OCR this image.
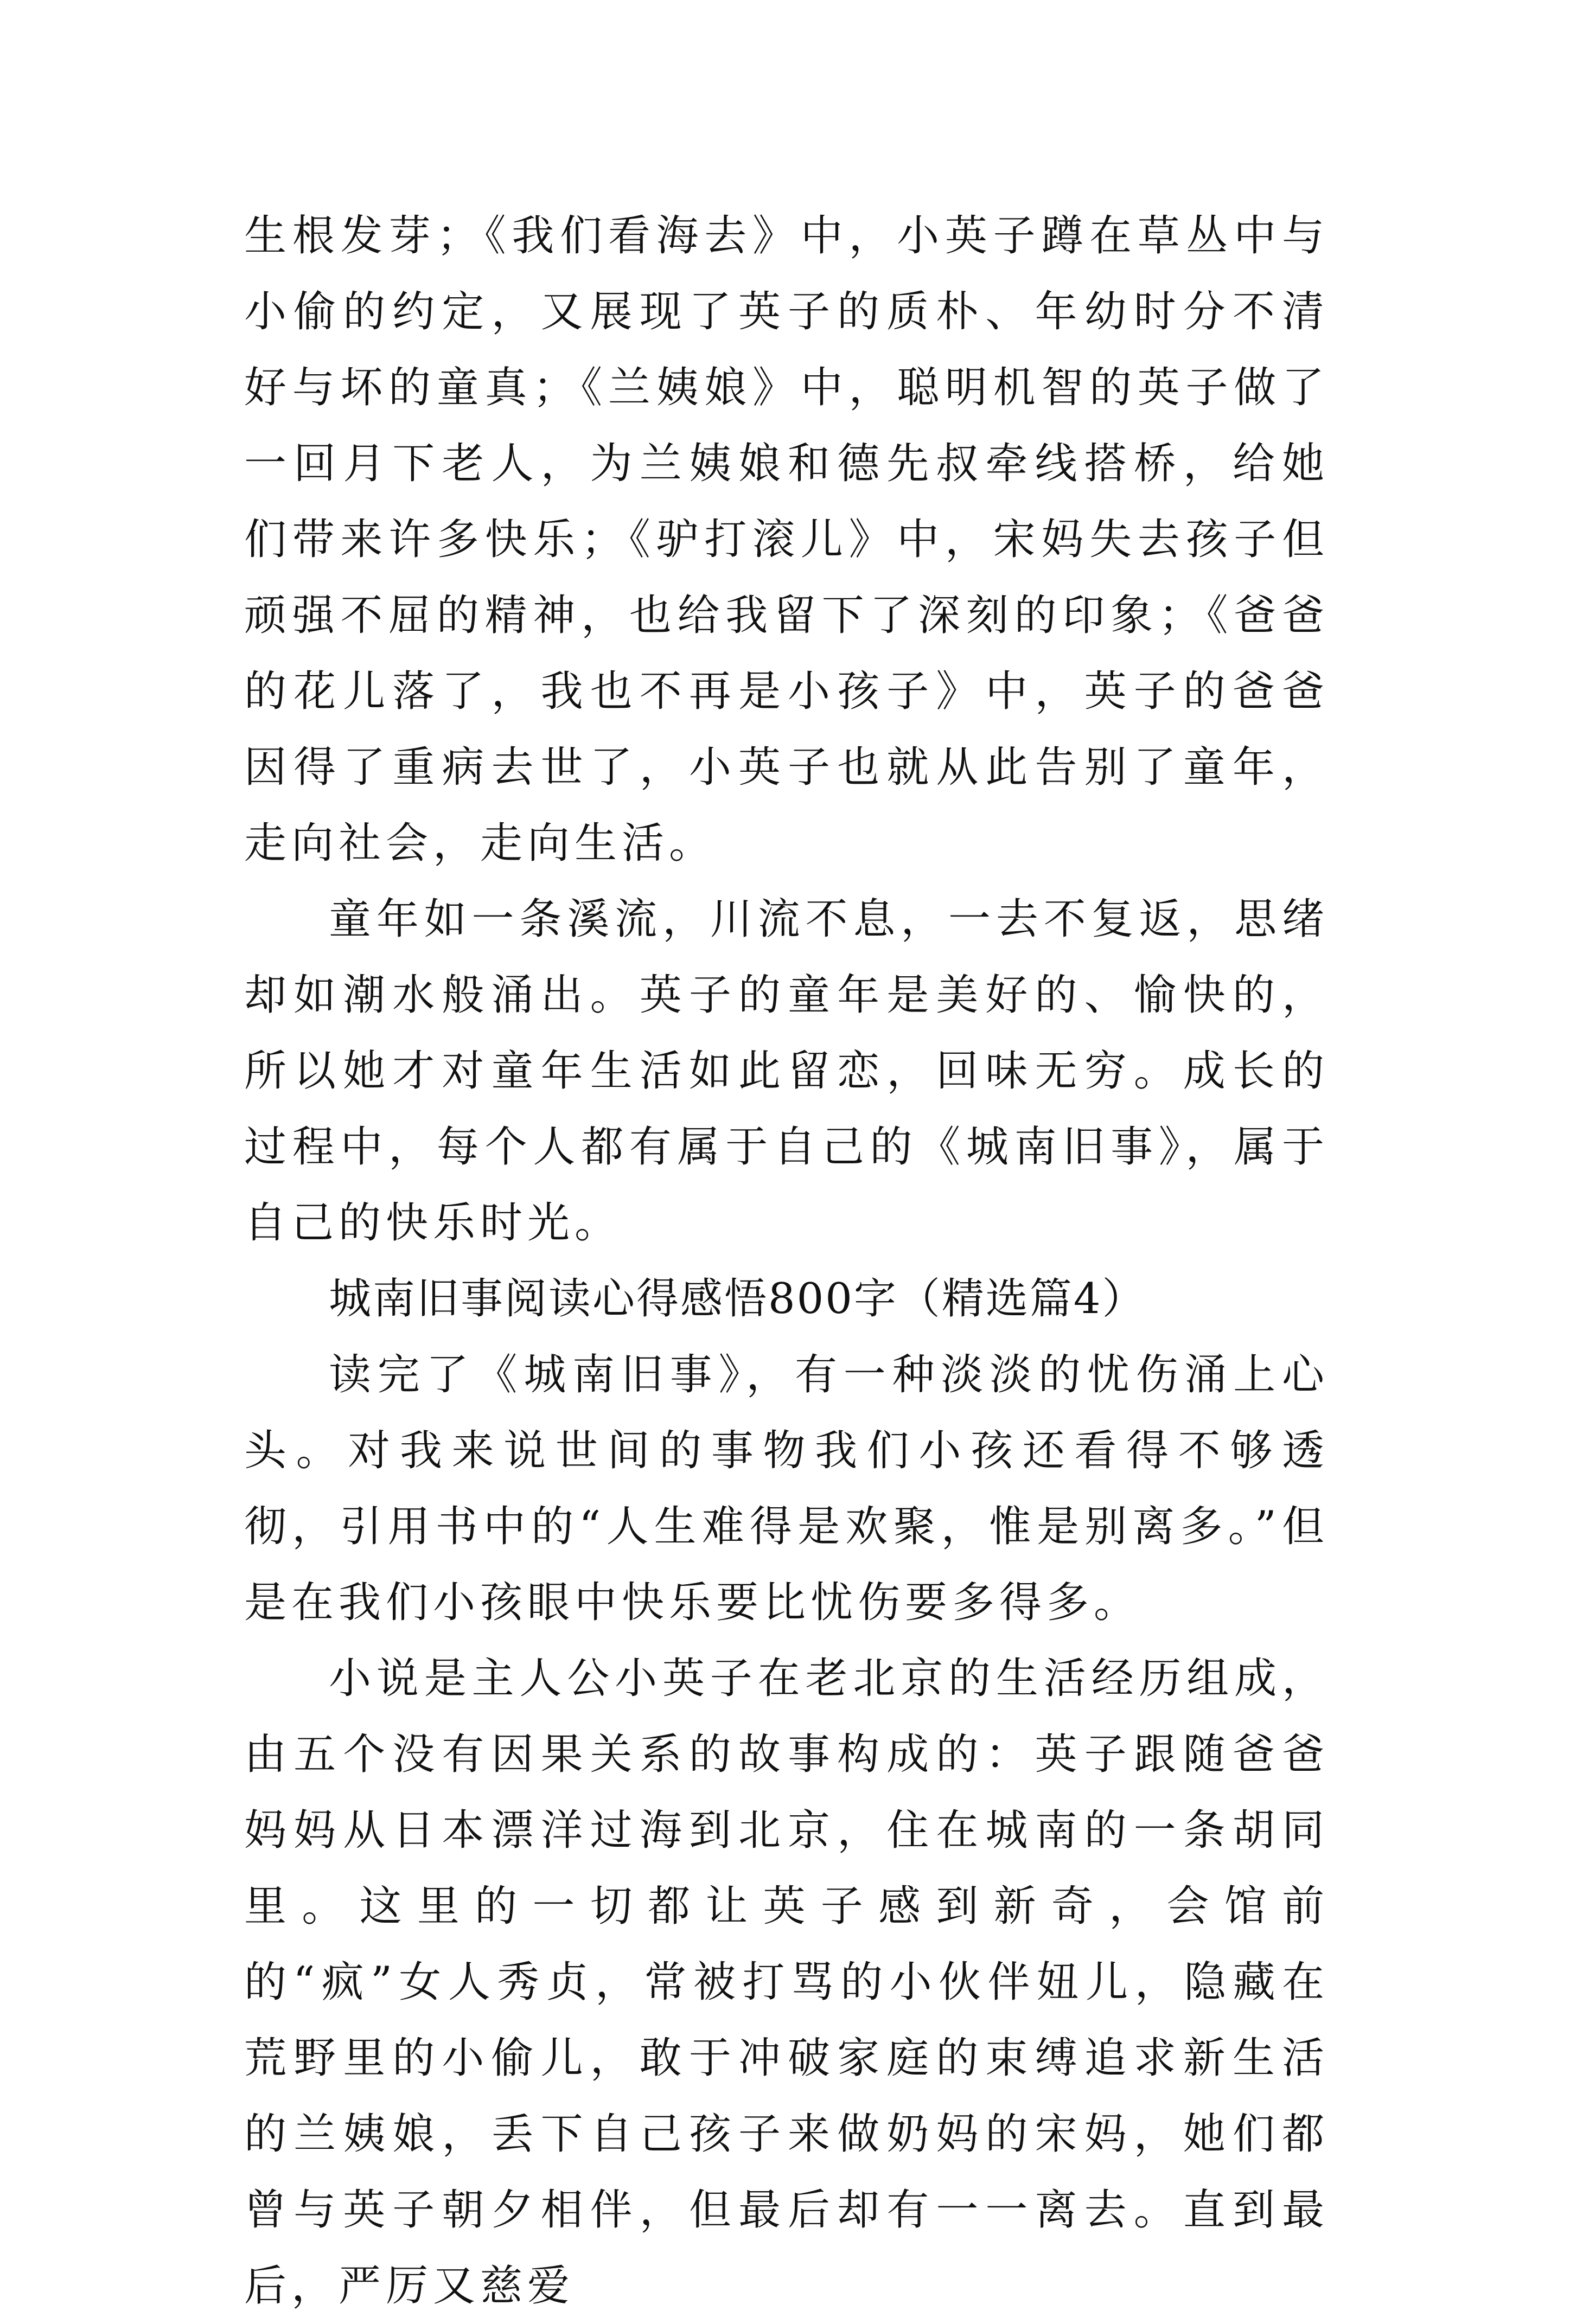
生根发芽；《我们看海去》中，小英子蹲在草丛中与小偷的约定，又展现了英子的质朴、年幼时分不清好与坏的童真；《兰姨娘》中，聪明机智的英子做了一回月下老人，为兰姨娘和德先叔牵线搭桥，给她们带来许多快乐；《驴打滚儿》中，宋妈失去孩子但顽强不屈的精神，也给我留下了深刻的印象；《爸爸的花儿落了，我也不再是小孩子》中，英子的爸爸因得了重病去世了，小英子也就从此告别了童年，走向社会，走向生活。

童年如一条溪流，川流不息，一去不复返，思绪却如潮水般涌出。英子的童年是美好的、愉快的，所以她才对童年生活如此留恋，回味无穷。成长的过程中，每个人都有属于自己的《城南旧事》，属于自己的快乐时光。

城南旧事阅读心得感悟800字（精选篇4）

读完了《城南旧事》，有一种淡淡的忧伤涌上心头。对我来说世间的事物我们小孩还看得不够透彻，引用书中的“人生难得是欢聚，惟是别离多。”但是在我们小孩眼中快乐要比忧伤要多得多。

小说是主人公小英子在老北京的生活经历组成，由五个没有因果关系的故事构成的：英子跟随爸爸妈妈从日本漂洋过海到北京，住在城南的一条胡同里。这里的一切都让英子感到新奇，会馆前的“疯”女人秀贞，常被打骂的小伙伴妞儿，隐藏在荒野里的小偷儿，敢于冲破家庭的束缚追求新生活的兰姨娘，丢下自己孩子来做奶妈的宋妈，她们都曾与英子朝夕相伴，但最后却有一一离去。直到最后，严厉又慈爱
